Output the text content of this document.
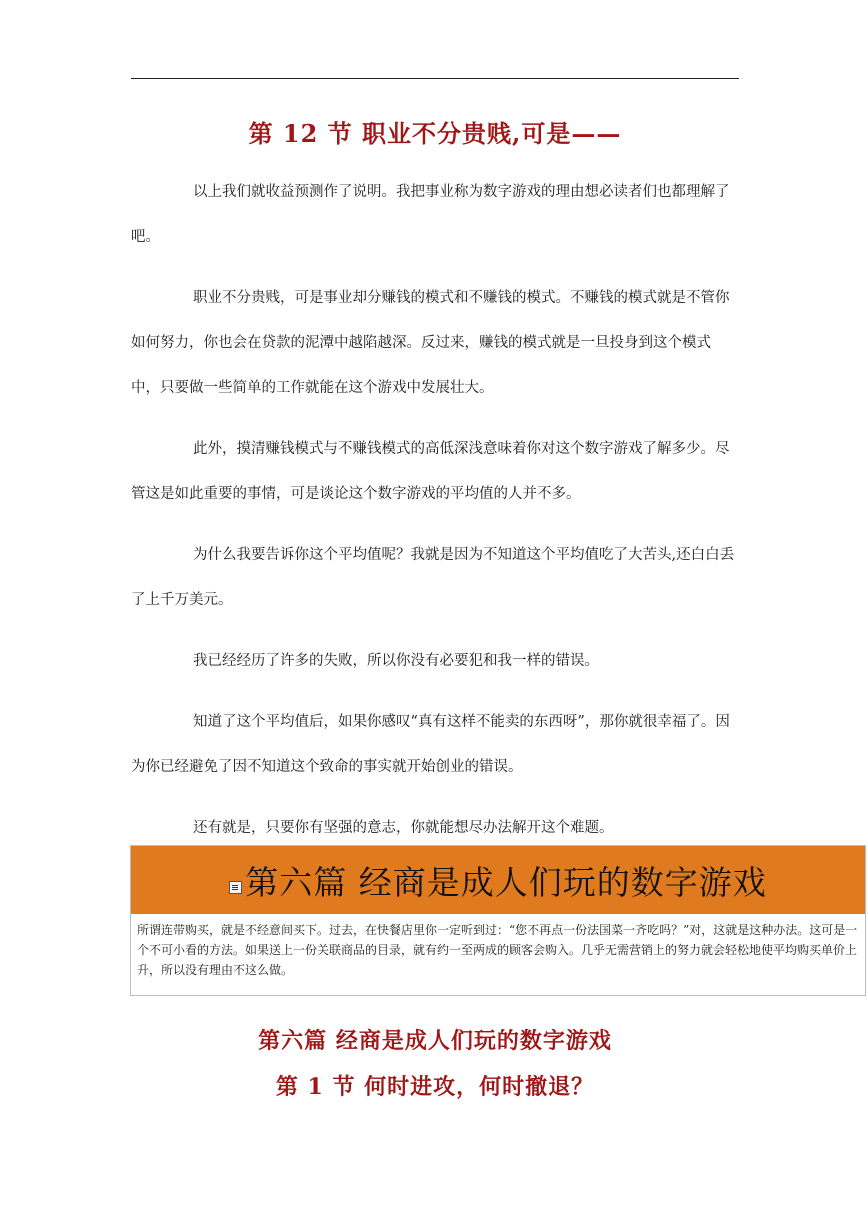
第 12 节 职业不分贵贱,可是——

以上我们就收益预测作了说明。我把事业称为数字游戏的理由想必读者们也都理解了吧。

职业不分贵贱，可是事业却分赚钱的模式和不赚钱的模式。不赚钱的模式就是不管你如何努力，你也会在贷款的泥潭中越陷越深。反过来，赚钱的模式就是一旦投身到这个模式中，只要做一些简单的工作就能在这个游戏中发展壮大。

此外，摸清赚钱模式与不赚钱模式的高低深浅意味着你对这个数字游戏了解多少。尽管这是如此重要的事情，可是谈论这个数字游戏的平均值的人并不多。

为什么我要告诉你这个平均值呢？我就是因为不知道这个平均值吃了大苦头,还白白丢了上千万美元。

我已经经历了许多的失败，所以你没有必要犯和我一样的错误。

知道了这个平均值后，如果你感叹“真有这样不能卖的东西呀”，那你就很幸福了。因为你已经避免了因不知道这个致命的事实就开始创业的错误。

还有就是，只要你有坚强的意志，你就能想尽办法解开这个难题。

第六篇 经商是成人们玩的数字游戏
所谓连带购买，就是不经意间买下。过去，在快餐店里你一定听到过：“您不再点一份法国菜一齐吃吗？”对，这就是这种办法。这可是一个不可小看的方法。如果送上一份关联商品的目录，就有约一至两成的顾客会购入。几乎无需营销上的努力就会轻松地使平均购买单价上升，所以没有理由不这么做。
第六篇 经商是成人们玩的数字游戏
第 1 节 何时进攻，何时撤退？
